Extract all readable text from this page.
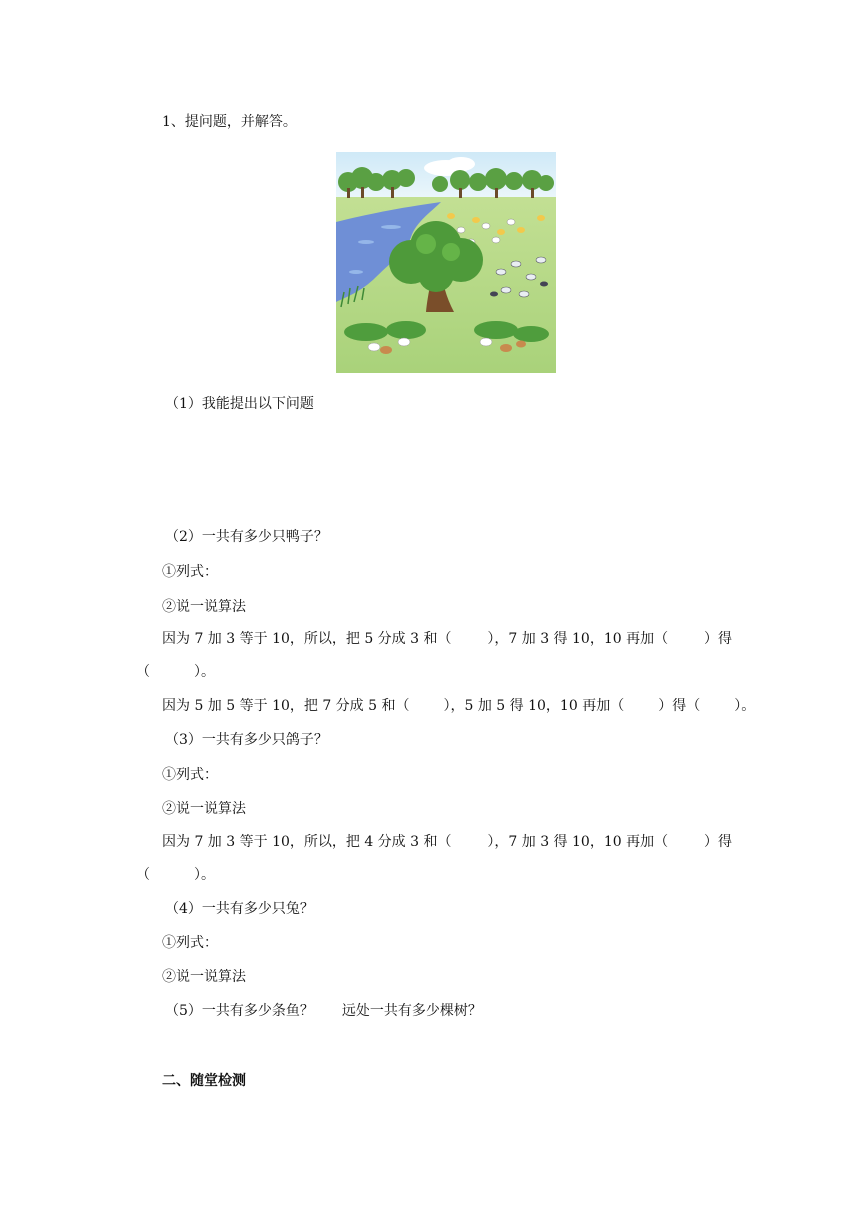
1、提问题，并解答。
（1）我能提出以下问题
（2）一共有多少只鸭子？
①列式：
②说一说算法
因为 7 加 3 等于 10，所以，把 5 分成 3 和（	），7 加 3 得 10，10 再加（	）得
（	）。
因为 5 加 5 等于 10，把 7 分成 5 和（ ），5 加 5 得 10，10 再加（ ）得（ ）。
（3）一共有多少只鸽子？
①列式：
②说一说算法
因为 7 加 3 等于 10，所以，把 4 分成 3 和（	），7 加 3 得 10，10 再加（	）得
（	）。
（4）一共有多少只兔？
①列式：
②说一说算法
（5）一共有多少条鱼？ 远处一共有多少棵树？
二、随堂检测
